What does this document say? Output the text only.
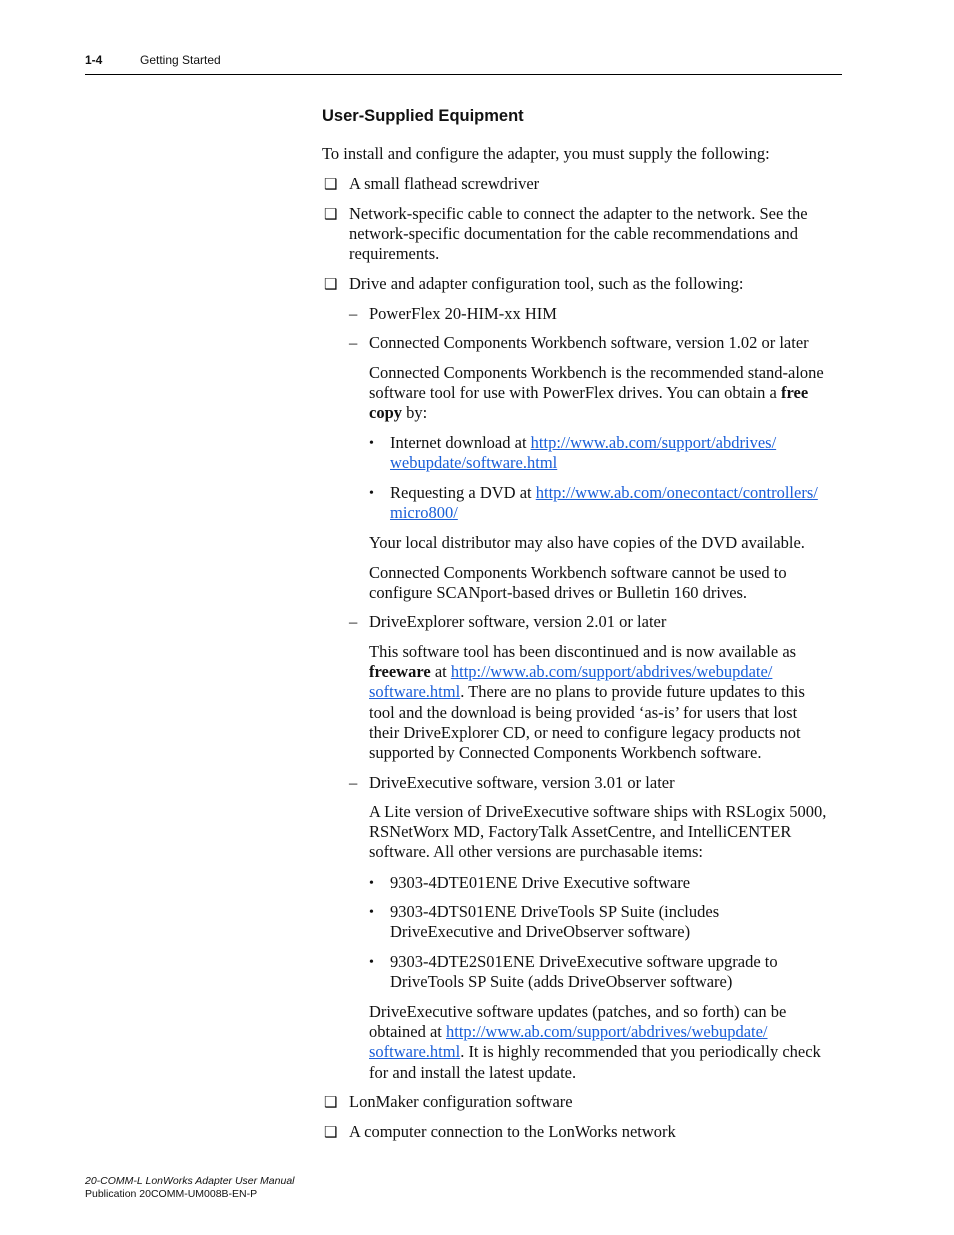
1-4	Getting Started
User-Supplied Equipment

To install and configure the adapter, you must supply the following:

❑ A small flathead screwdriver

❑ Network-specific cable to connect the adapter to the network. See the network-specific documentation for the cable recommendations and requirements.

❑ Drive and adapter configuration tool, such as the following:

– PowerFlex 20-HIM-xx HIM

– Connected Components Workbench software, version 1.02 or later

Connected Components Workbench is the recommended stand-alone software tool for use with PowerFlex drives. You can obtain a free copy by:

• Internet download at http://www.ab.com/support/abdrives/
webupdate/software.html

• Requesting a DVD at http://www.ab.com/onecontact/controllers/
micro800/

Your local distributor may also have copies of the DVD available.

Connected Components Workbench software cannot be used to configure SCANport-based drives or Bulletin 160 drives.

– DriveExplorer software, version 2.01 or later

This software tool has been discontinued and is now available as
freeware at http://www.ab.com/support/abdrives/webupdate/
software.html. There are no plans to provide future updates to this
tool and the download is being provided ‘as-is’ for users that lost
their DriveExplorer CD, or need to configure legacy products not
supported by Connected Components Workbench software.
– DriveExecutive software, version 3.01 or later

A Lite version of DriveExecutive software ships with RSLogix 5000, RSNetWorx MD, FactoryTalk AssetCentre, and IntelliCENTER software. All other versions are purchasable items:

• 9303-4DTE01ENE Drive Executive software

• 9303-4DTS01ENE DriveTools SP Suite (includes
DriveExecutive and DriveObserver software)
• 9303-4DTE2S01ENE DriveExecutive software upgrade to
DriveTools SP Suite (adds DriveObserver software)
DriveExecutive software updates (patches, and so forth) can be
obtained at http://www.ab.com/support/abdrives/webupdate/
software.html. It is highly recommended that you periodically check
for and install the latest update.
❑ LonMaker configuration software

❑ A computer connection to the LonWorks network

20-COMM-L LonWorks Adapter User Manual
Publication 20COMM-UM008B-EN-P
